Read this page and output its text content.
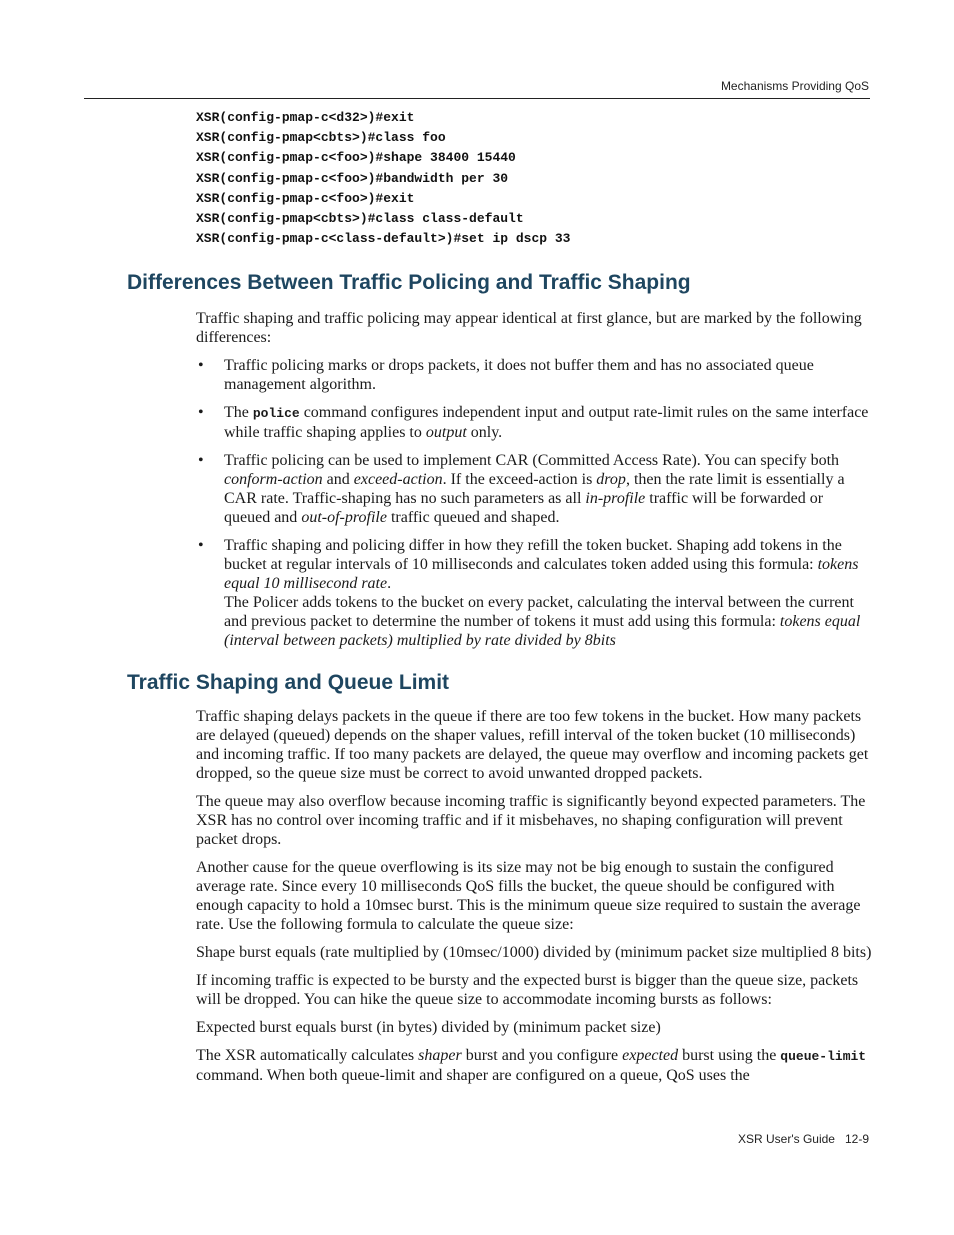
Mechanisms Providing QoS
XSR(config-pmap-c<d32>)#exit
XSR(config-pmap<cbts>)#class foo
XSR(config-pmap-c<foo>)#shape 38400 15440
XSR(config-pmap-c<foo>)#bandwidth per 30
XSR(config-pmap-c<foo>)#exit
XSR(config-pmap<cbts>)#class class-default
XSR(config-pmap-c<class-default>)#set ip dscp 33
Differences Between Traffic Policing and Traffic Shaping

Traffic shaping and traffic policing may appear identical at first glance, but are marked by the following differences:

• Traffic policing marks or drops packets, it does not buffer them and has no associated queue management algorithm.
• The police command configures independent input and output rate-limit rules on the same interface while traffic shaping applies to output only.
• Traffic policing can be used to implement CAR (Committed Access Rate). You can specify both conform-action and exceed-action. If the exceed-action is drop, then the rate limit is essentially a CAR rate. Traffic-shaping has no such parameters as all in-profile traffic will be forwarded or queued and out-of-profile traffic queued and shaped.
• Traffic shaping and policing differ in how they refill the token bucket. Shaping add tokens in the bucket at regular intervals of 10 milliseconds and calculates token added using this formula: tokens equal 10 millisecond rate.
The Policer adds tokens to the bucket on every packet, calculating the interval between the current and previous packet to determine the number of tokens it must add using this formula: tokens equal (interval between packets) multiplied by rate divided by 8bits
Traffic Shaping and Queue Limit

Traffic shaping delays packets in the queue if there are too few tokens in the bucket. How many packets are delayed (queued) depends on the shaper values, refill interval of the token bucket (10 milliseconds) and incoming traffic. If too many packets are delayed, the queue may overflow and incoming packets get dropped, so the queue size must be correct to avoid unwanted dropped packets.

The queue may also overflow because incoming traffic is significantly beyond expected parameters. The XSR has no control over incoming traffic and if it misbehaves, no shaping configuration will prevent packet drops.

Another cause for the queue overflowing is its size may not be big enough to sustain the configured average rate. Since every 10 milliseconds QoS fills the bucket, the queue should be configured with enough capacity to hold a 10msec burst. This is the minimum queue size required to sustain the average rate. Use the following formula to calculate the queue size:

Shape burst equals (rate multiplied by (10msec/1000) divided by (minimum packet size multiplied 8 bits)

If incoming traffic is expected to be bursty and the expected burst is bigger than the queue size, packets will be dropped. You can hike the queue size to accommodate incoming bursts as follows:

Expected burst equals burst (in bytes) divided by (minimum packet size)

The XSR automatically calculates shaper burst and you configure expected burst using the queue-limit command. When both queue-limit and shaper are configured on a queue, QoS uses the

XSR User's Guide 12-9
